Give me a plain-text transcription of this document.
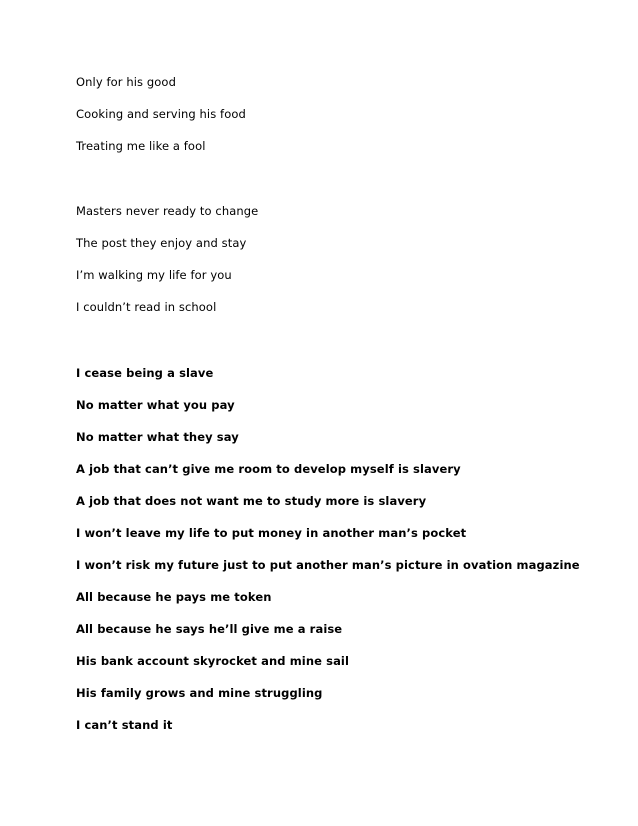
Only for his good
Cooking and serving his food
Treating me like a fool
Masters never ready to change
The post they enjoy and stay
I’m walking my life for you
I couldn’t read in school
I cease being a slave
No matter what you pay
No matter what they say
A job that can’t give me room to develop myself is slavery
A job that does not want me to study more is slavery
I won’t leave my life to put money in another man’s pocket
I won’t risk my future just to put another man’s picture in ovation magazine
All because he pays me token
All because he says he’ll give me a raise
His bank account skyrocket and mine sail
His family grows and mine struggling
I can’t stand it
